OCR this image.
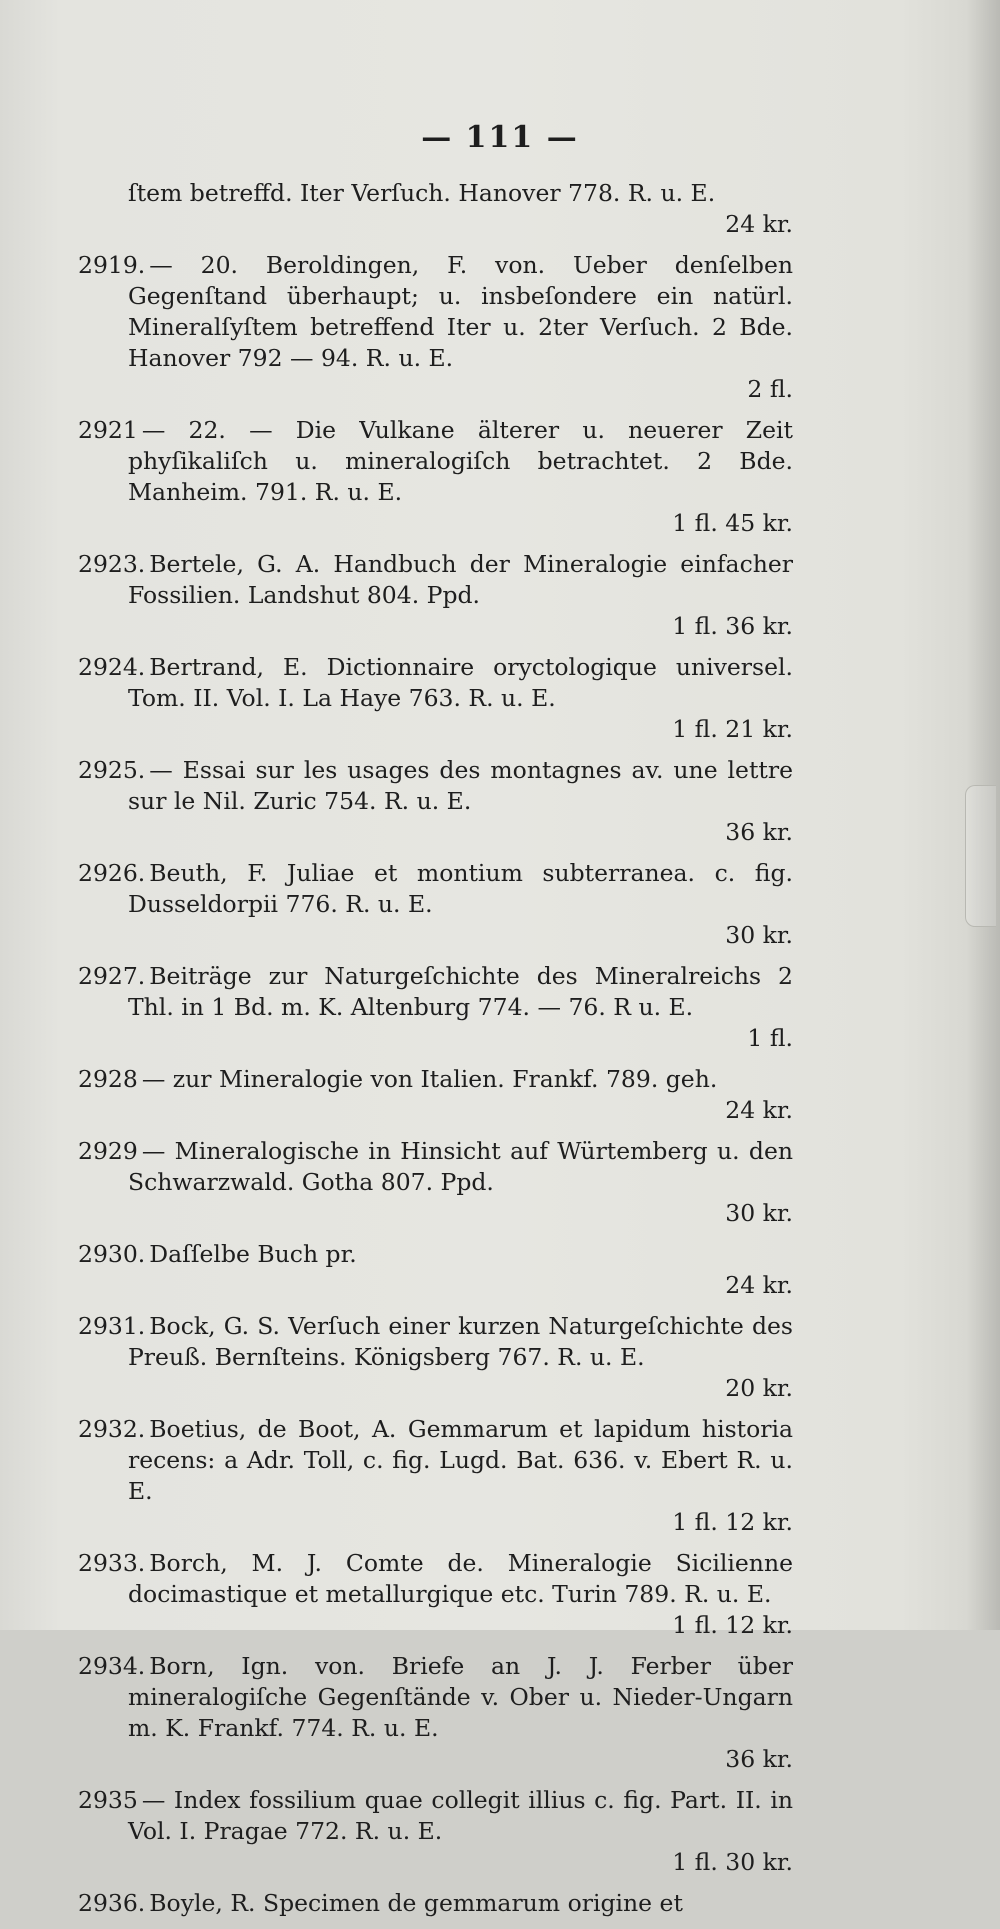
— 111 —
ſtem betreffd. Iter Verſuch. Hanover 778. R. u. E.
24 kr.
2919. — 20. Beroldingen, F. von. Ueber denſelben Gegenſtand überhaupt; u. insbeſondere ein natürl. Mineralſyſtem betreffend Iter u. 2ter Verſuch. 2 Bde. Hanover 792 — 94. R. u. E.
2 fl.
2921 — 22. — Die Vulkane älterer u. neuerer Zeit phyſikaliſch u. mineralogiſch betrachtet. 2 Bde. Manheim. 791. R. u. E.
1 fl. 45 kr.
2923. Bertele, G. A. Handbuch der Mineralogie einfacher Fossilien. Landshut 804. Ppd.
1 fl. 36 kr.
2924. Bertrand, E. Dictionnaire oryctologique universel. Tom. II. Vol. I. La Haye 763. R. u. E.
1 fl. 21 kr.
2925. — Essai sur les usages des montagnes av. une lettre sur le Nil. Zuric 754. R. u. E.
36 kr.
2926. Beuth, F. Juliae et montium subterranea. c. fig. Dusseldorpii 776. R. u. E.
30 kr.
2927. Beiträge zur Naturgeſchichte des Mineralreichs 2 Thl. in 1 Bd. m. K. Altenburg 774. — 76. R u. E.
1 fl.
2928 — zur Mineralogie von Italien. Frankf. 789. geh.
24 kr.
2929 — Mineralogische in Hinsicht auf Würtemberg u. den Schwarzwald. Gotha 807. Ppd.
30 kr.
2930. Daſſelbe Buch pr.
24 kr.
2931. Bock, G. S. Verſuch einer kurzen Naturgeſchichte des Preuß. Bernſteins. Königsberg 767. R. u. E.
20 kr.
2932. Boetius, de Boot, A. Gemmarum et lapidum historia recens: a Adr. Toll, c. fig. Lugd. Bat. 636. v. Ebert R. u. E.
1 fl. 12 kr.
2933. Borch, M. J. Comte de. Mineralogie Sicilienne docimastique et metallurgique etc. Turin 789. R. u. E.
1 fl. 12 kr.
2934. Born, Ign. von. Briefe an J. J. Ferber über mineralogiſche Gegenſtände v. Ober u. Nieder-Ungarn m. K. Frankf. 774. R. u. E.
36 kr.
2935 — Index fossilium quae collegit illius c. fig. Part. II. in Vol. I. Pragae 772. R. u. E.
1 fl. 30 kr.
2936. Boyle, R. Specimen de gemmarum origine et
